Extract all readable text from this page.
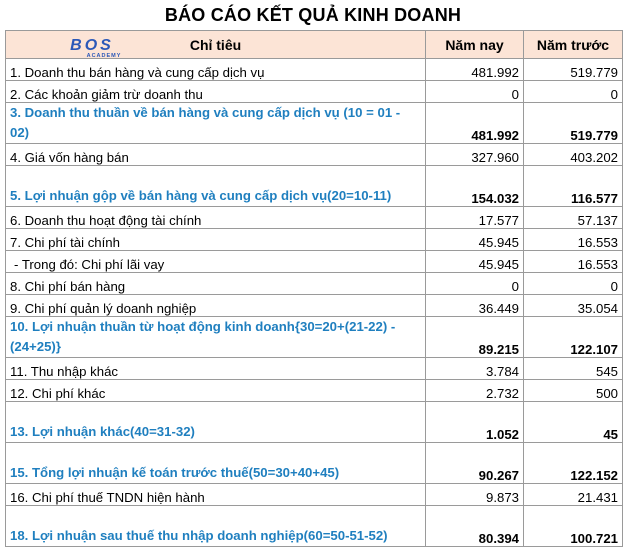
BÁO CÁO KẾT QUẢ KINH DOANH
BOS
ACADEMY
Chỉ tiêu	Năm nay	Năm trước
1. Doanh thu bán hàng và cung cấp dịch vụ	481.992	519.779
2. Các khoản giảm trừ doanh thu	0	0
3. Doanh thu thuần về bán hàng và cung cấp dịch vụ (10 = 01 - 02)	481.992	519.779
4. Giá vốn hàng bán	327.960	403.202
5. Lợi nhuận gộp về bán hàng và cung cấp dịch vụ(20=10-11)	154.032	116.577
6. Doanh thu hoạt động tài chính	17.577	57.137
7. Chi phí tài chính	45.945	16.553
- Trong đó: Chi phí lãi vay	45.945	16.553
8. Chi phí bán hàng	0	0
9. Chi phí quản lý doanh nghiệp	36.449	35.054
10. Lợi nhuận thuần từ hoạt động kinh doanh{30=20+(21-22) - (24+25)}	89.215	122.107
11. Thu nhập khác	3.784	545
12. Chi phí khác	2.732	500
13. Lợi nhuận khác(40=31-32)	1.052	45
15. Tổng lợi nhuận kế toán trước thuế(50=30+40+45)	90.267	122.152
16. Chi phí thuế TNDN hiện hành	9.873	21.431
18. Lợi nhuận sau thuế thu nhập doanh nghiệp(60=50-51-52)	80.394	100.721
